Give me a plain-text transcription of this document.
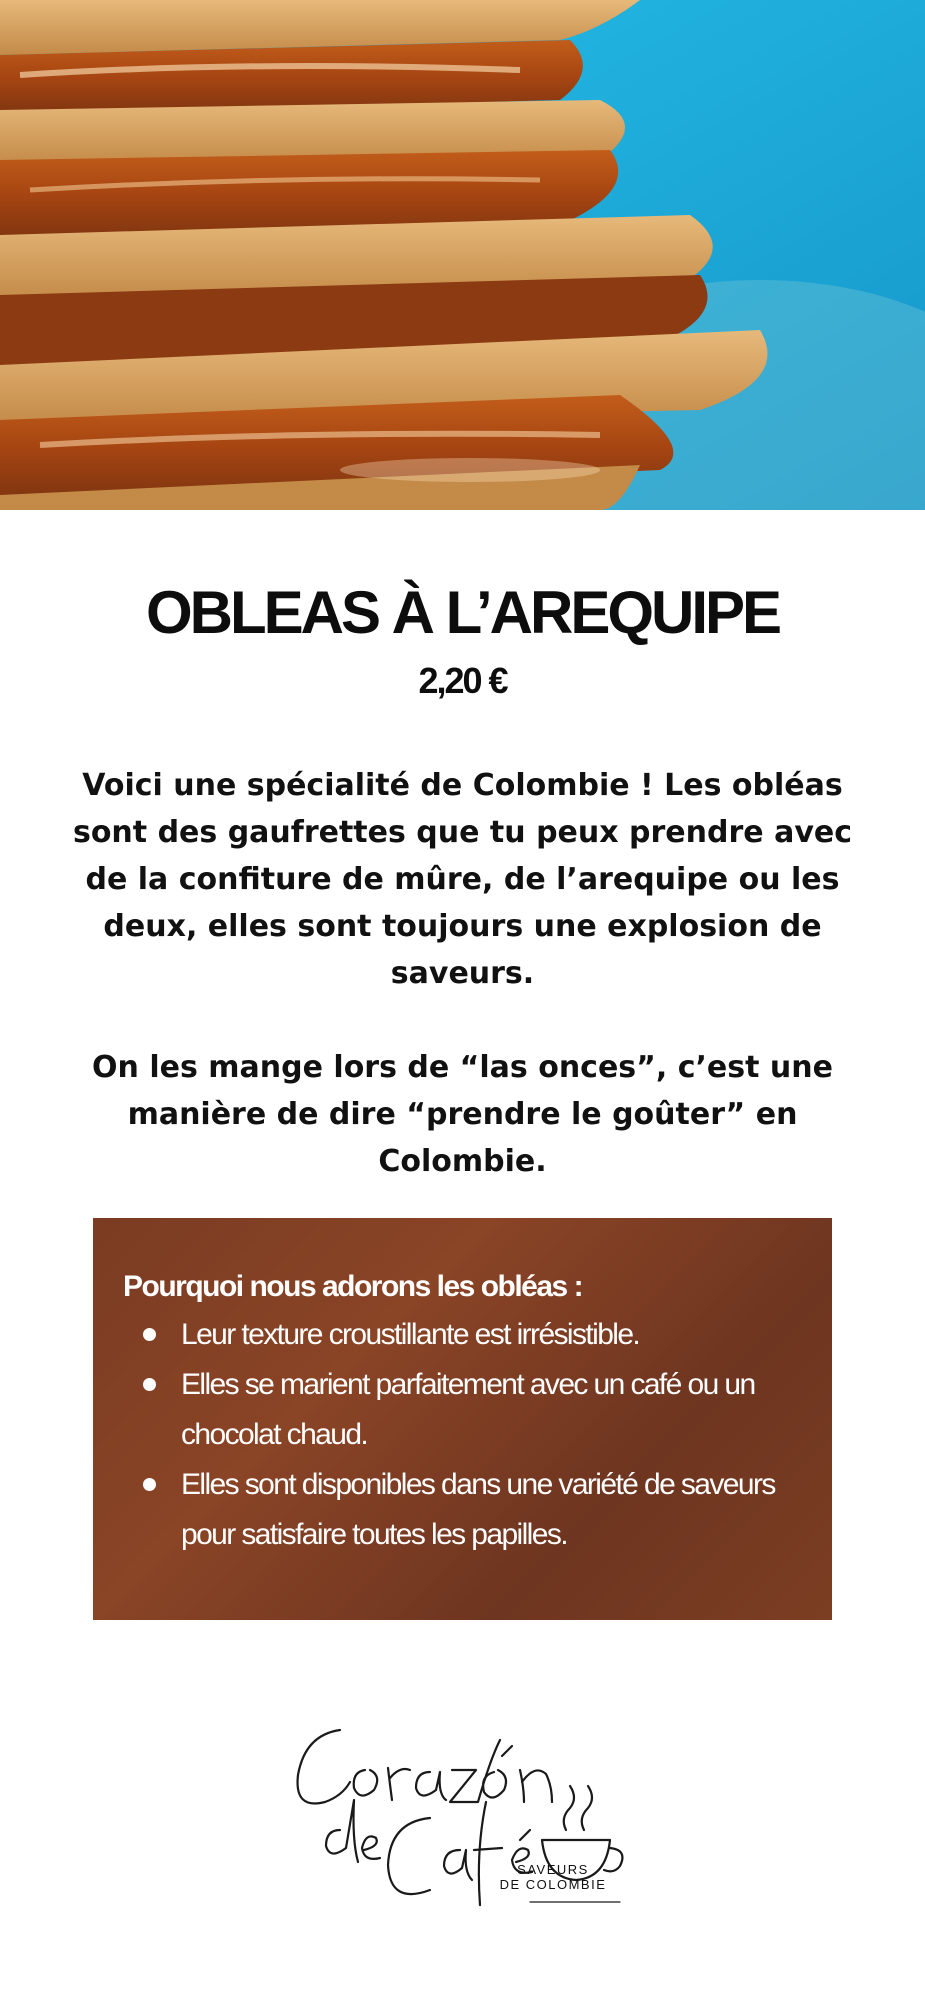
OBLEAS À L’AREQUIPE
2,20 €

Voici une spécialité de Colombie ! Les obléas sont des gaufrettes que tu peux prendre avec de la confiture de mûre, de l’arequipe ou les deux, elles sont toujours une explosion de saveurs.

On les mange lors de “las onces”, c’est une manière de dire “prendre le goûter” en Colombie.

Pourquoi nous adorons les obléas :
Leur texture croustillante est irrésistible.
Elles se marient parfaitement avec un café ou un chocolat chaud.
Elles sont disponibles dans une variété de saveurs pour satisfaire toutes les papilles.
SAVEURS
DE COLOMBIE
